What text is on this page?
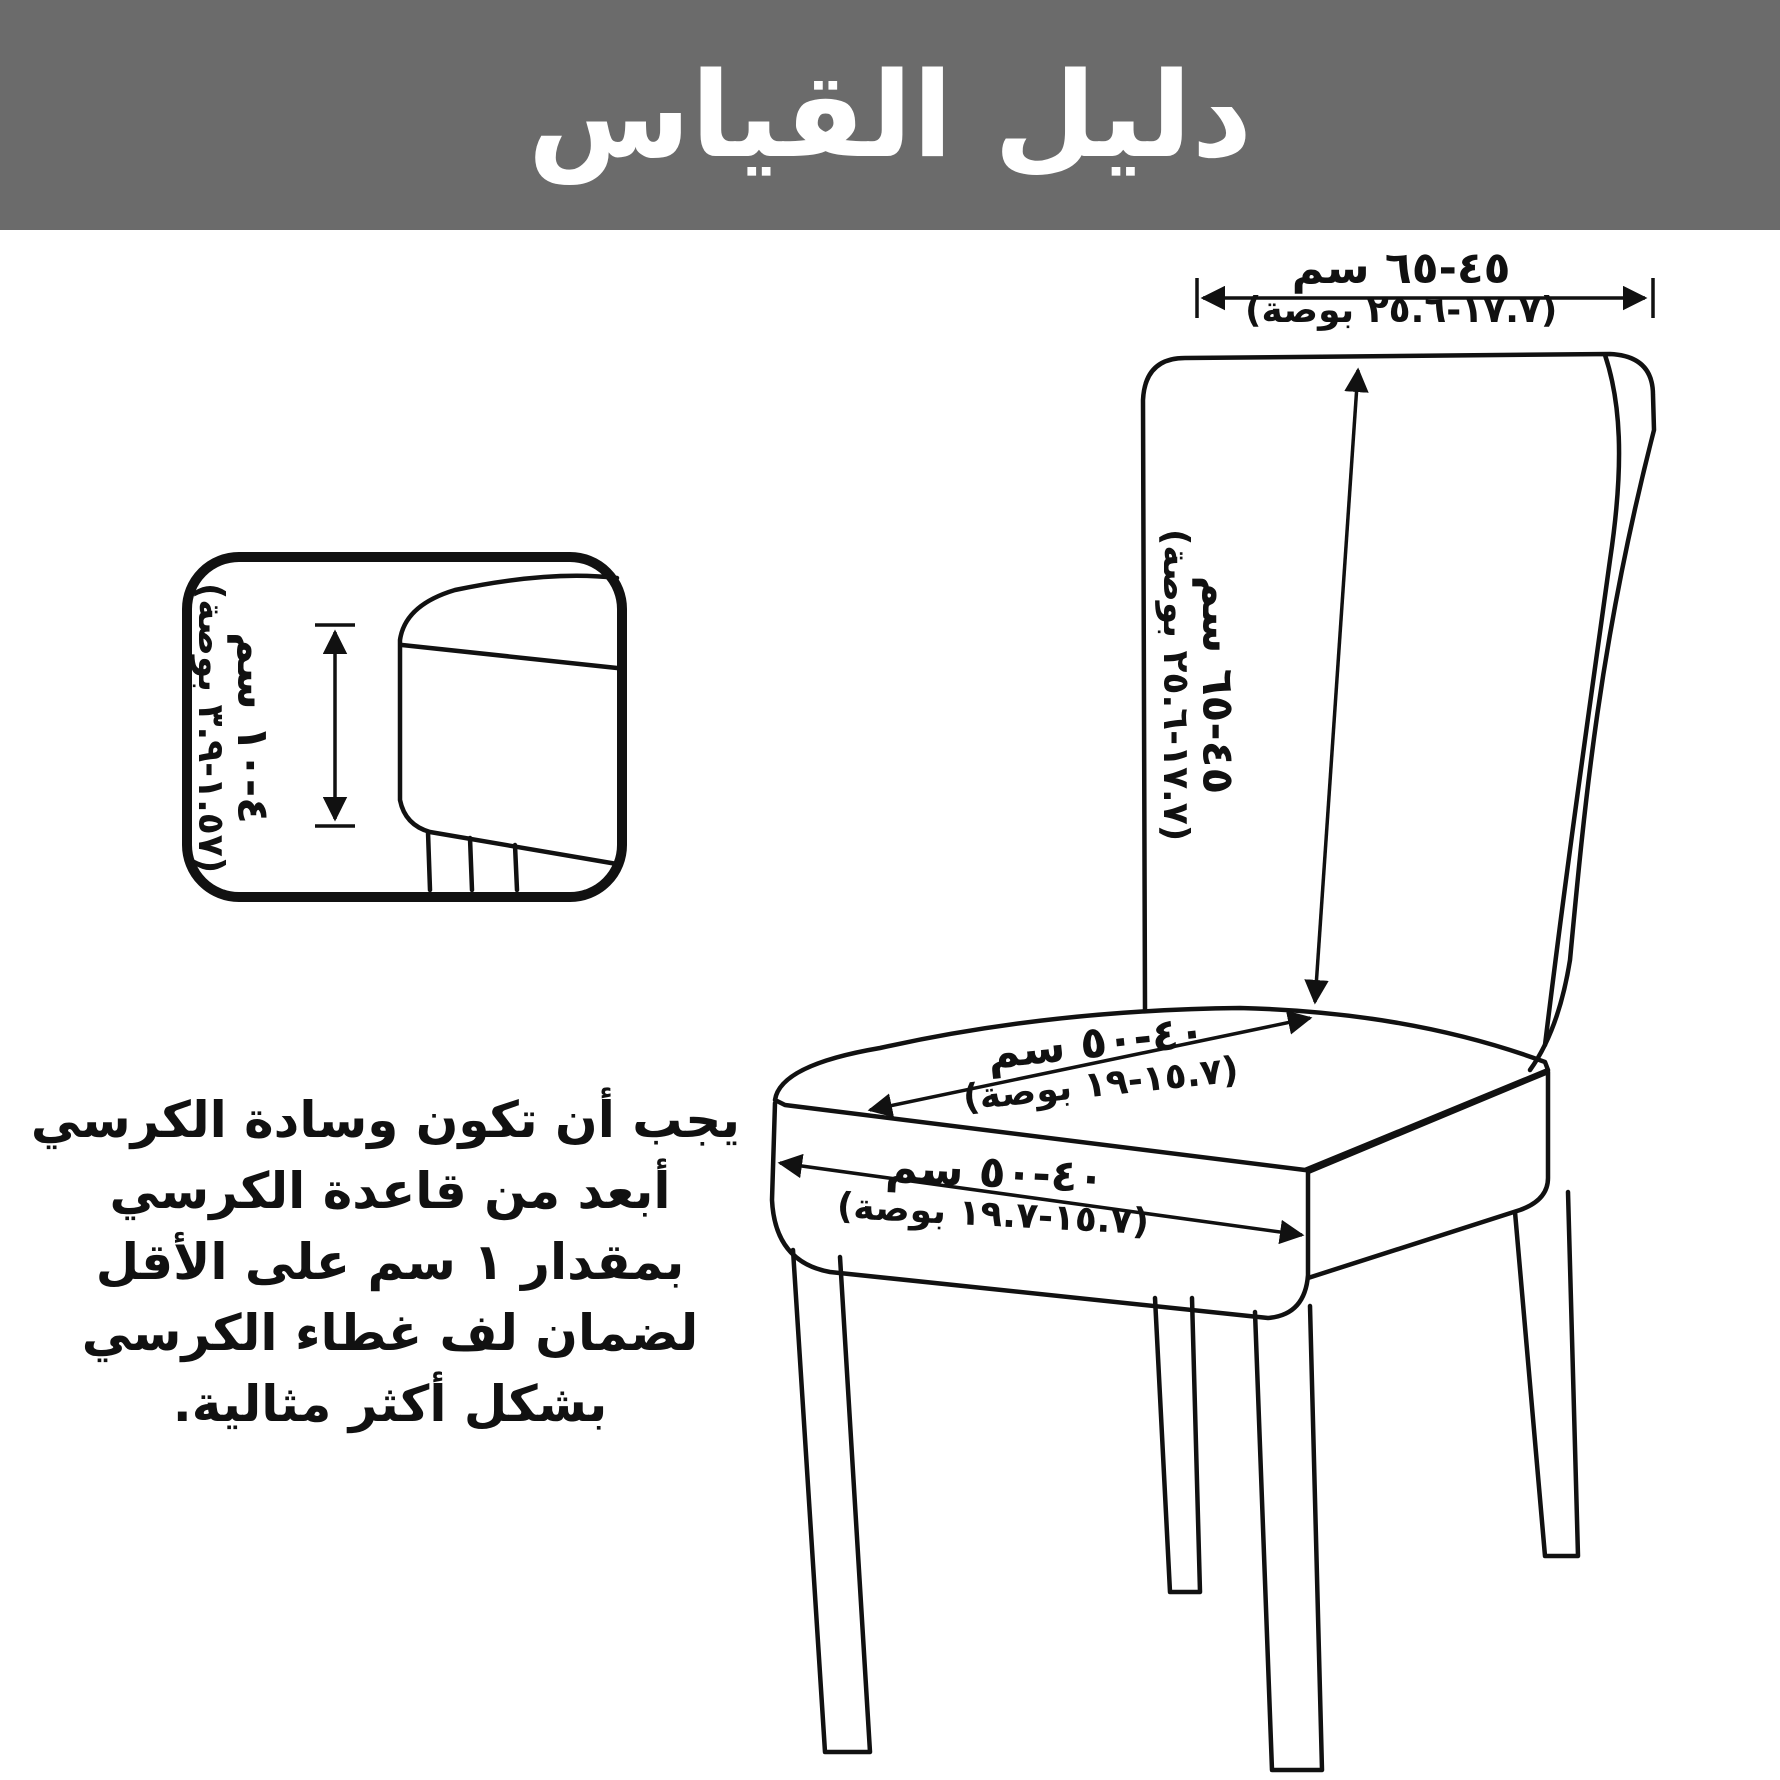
دليل القياس
٤٥-٦٥ سم
(١٧.٧-٢٥.٦ بوصة)
٤٥-٦٥ سم
(١٧.٧-٢٥.٦ بوصة)
٤٠-٥٠ سم
(١٥.٧-١٩ بوصة)
٤٠-٥٠ سم
(١٥.٧-١٩.٧ بوصة)
٤-١٠ سم
(١.٥٧-٣.٩ بوصة)
يجب أن تكون وسادة الكرسي
أبعد من قاعدة الكرسي
بمقدار ١ سم على الأقل
لضمان لف غطاء الكرسي
بشكل أكثر مثالية.
